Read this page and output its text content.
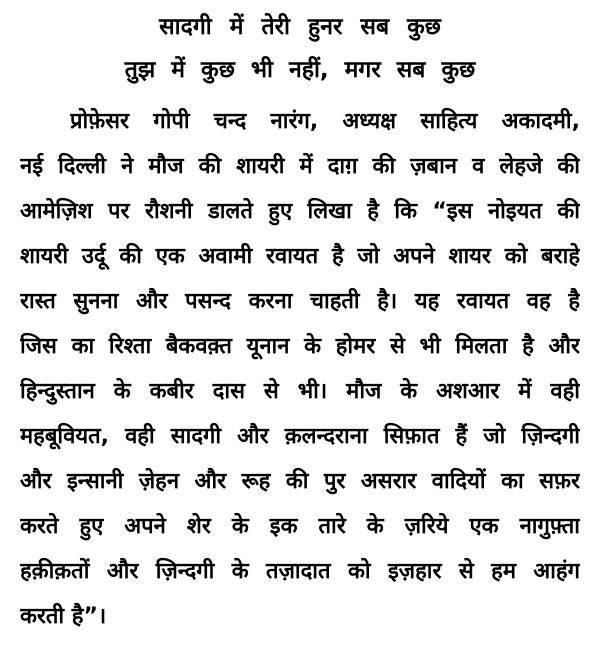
सादगी में तेरी हुनर सब कुछ
तुझ में कुछ भी नहीं, मगर सब कुछ
प्रोफ़ेसर गोपी चन्द नारंग, अध्यक्ष साहित्य अकादमी,
नई दिल्ली ने मौज की शायरी में दाग़ की ज़बान व लेहजे की
आमेज़िश पर रौशनी डालते हुए लिखा है कि “इस नोइयत की
शायरी उर्दू की एक अवामी रवायत है जो अपने शायर को बराहे
रास्त सुनना और पसन्द करना चाहती है। यह रवायत वह है
जिस का रिश्ता बैकवक़्त यूनान के होमर से भी मिलता है और
हिन्दुस्तान के कबीर दास से भी। मौज के अशआर में वही
महबूवियत, वही सादगी और क़लन्दराना सिफ़ात हैं जो ज़िन्दगी
और इन्सानी ज़ेहन और रूह की पुर असरार वादियों का सफ़र
करते हुए अपने शेर के इक तारे के ज़रिये एक नागुफ़्ता
हक़ीक़तों और ज़िन्दगी के तज़ादात को इज़हार से हम आहंग
करती है”।
